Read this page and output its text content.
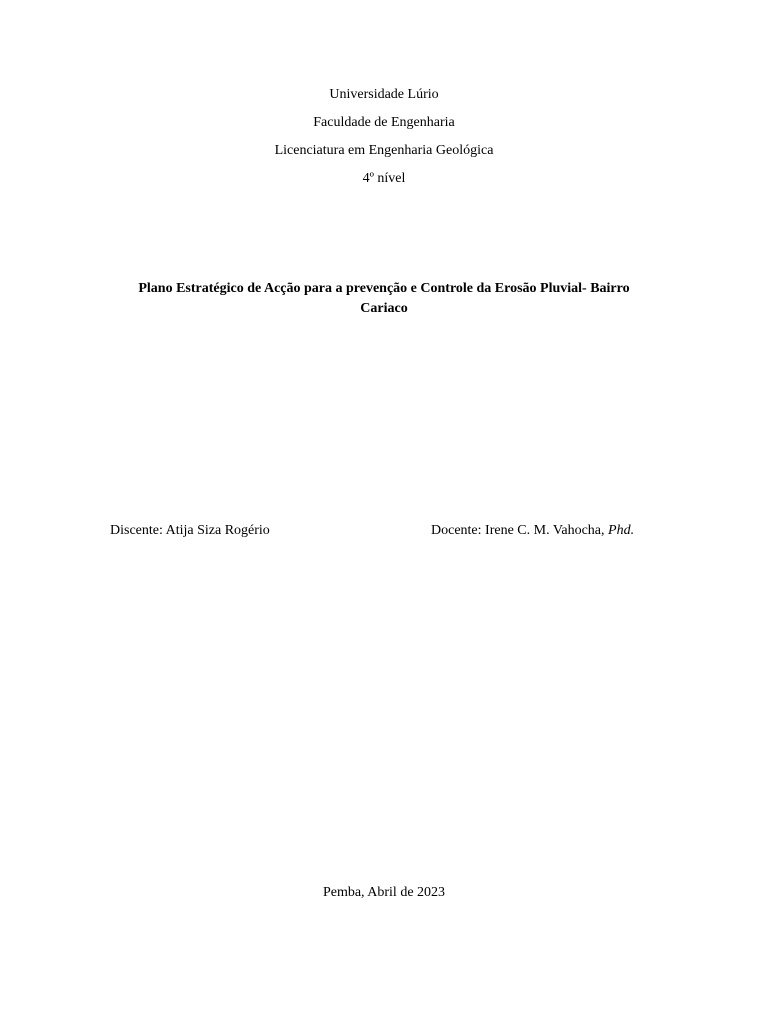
Universidade Lúrio
Faculdade de Engenharia
Licenciatura em Engenharia Geológica
4º nível
Plano Estratégico de Acção para a prevenção e Controle da Erosão Pluvial- Bairro
Cariaco
Discente: Atija Siza Rogério	Docente: Irene C. M. Vahocha, Phd.
Pemba, Abril de 2023
